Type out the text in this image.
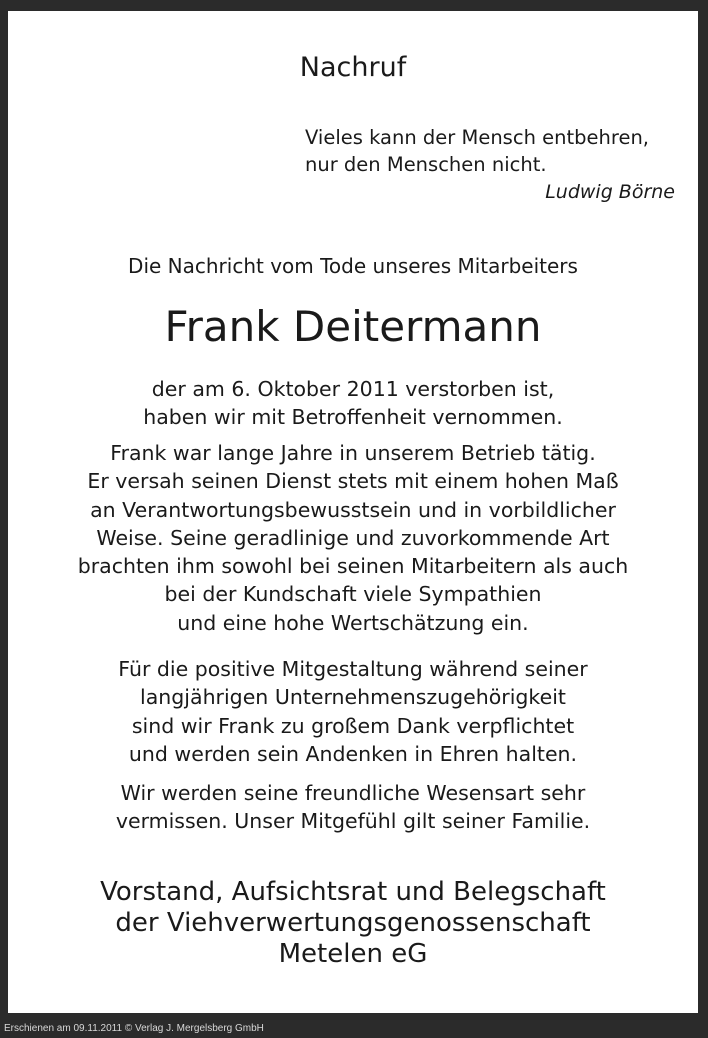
Nachruf
Vieles kann der Mensch entbehren,
nur den Menschen nicht.
Ludwig Börne
Die Nachricht vom Tode unseres Mitarbeiters
Frank Deitermann
der am 6. Oktober 2011 verstorben ist,
haben wir mit Betroffenheit vernommen.
Frank war lange Jahre in unserem Betrieb tätig.
Er versah seinen Dienst stets mit einem hohen Maß
an Verantwortungsbewusstsein und in vorbildlicher
Weise. Seine geradlinige und zuvorkommende Art
brachten ihm sowohl bei seinen Mitarbeitern als auch
bei der Kundschaft viele Sympathien
und eine hohe Wertschätzung ein.
Für die positive Mitgestaltung während seiner
langjährigen Unternehmenszugehörigkeit
sind wir Frank zu großem Dank verpflichtet
und werden sein Andenken in Ehren halten.
Wir werden seine freundliche Wesensart sehr
vermissen. Unser Mitgefühl gilt seiner Familie.
Vorstand, Aufsichtsrat und Belegschaft
der Viehverwertungsgenossenschaft
Metelen eG
Erschienen am 09.11.2011 © Verlag J. Mergelsberg GmbH
